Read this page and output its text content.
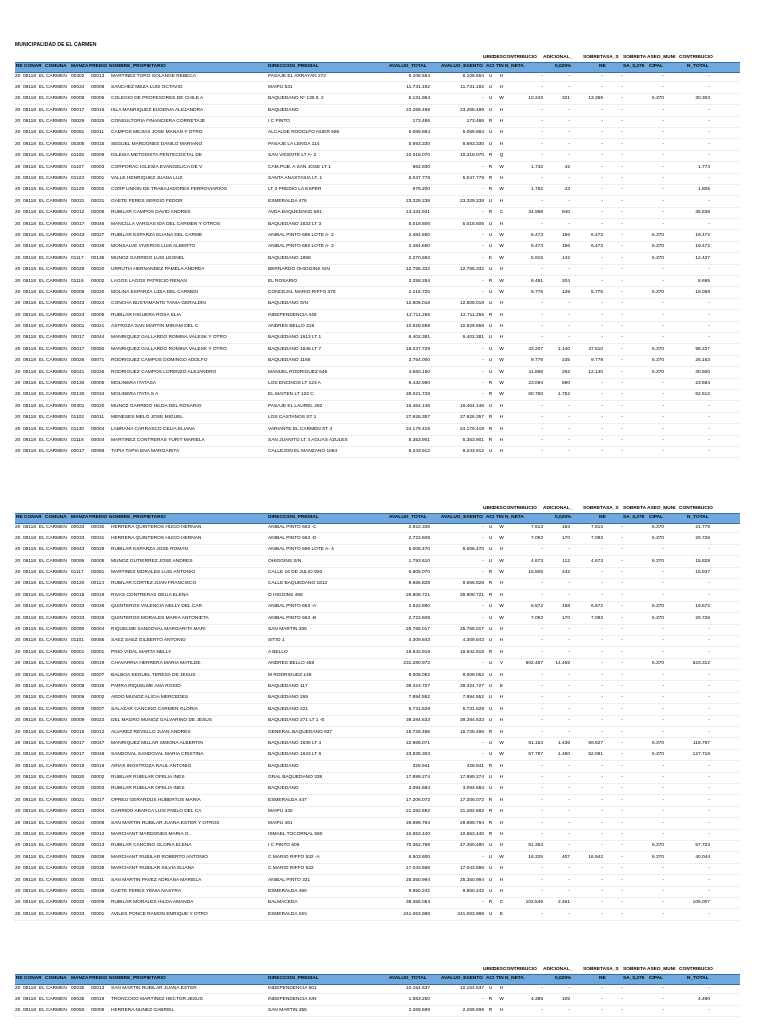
MUNICIPALIDAD DE EL CARMEN
UBIC
DES CONTRIBUCIO ADICIONAL_ SOBRETASA_S SOBRETA ASEO_MUNI CONTRIBUCIO
RE CONAR COMUNA MANZA PREDIO NOMBRE_PROPIETARIO	DIRECCION_PREDIAL	AVALUO_TOTAL	AVALUO_EXENTO ACI TIN N_NETA	0,025%	NE	SA_0,275 CIPAL	N_TOTAL
20 08118 EL CARMEN 00302	00013	MARTINEZ TORO SOLANGE REBECA	PASAJE EL ARRAYAN 272	6.108.554	6.108.554 U	H	-	-	-	-	-	-
20 08118 EL CARMEN 00034	00008	SANCHEZ MEZA LUIS OCTAVIO	MAIPU 531	11.731.192	11.731.192 U	H	-	-	-	-	-	-
20 08118 EL CARMEN 00008	00005	COLEGIO DE PROFESORES DE CHILE A	BAQUEDANO Nº 135 lt. 2	5.131.954	- U	W	10.243	321	13.369	-	6.370	30.303
20 08118 EL CARMEN 00017	00016	ISLA MANRIQUEZ EUGENIA ALEJANDRA	BAQUEDANO	23.268.489	23.268.489 U	H	-	-	-	-	-	-
20 08118 EL CARMEN 00029	00025	CONSULTORIA FINANCIERA CORRETAJE	I C PINTO	173.486	173.486 R	H	-	-	-	-	-	-
20 08118 EL CARMEN 00081	00011	CAMPOS MEJIAS JOSE MANAN Y OTRO	ALCALDE RODOLFO NUER 556	5.069.884	5.069.884 U	H	-	-	-	-	-	-
20 08118 EL CARMEN 00305	00015	SEGUEL MARDONES DANILO MARIANO	PASAJE LA LENGA 114	5.693.330	5.693.330 U	H	-	-	-	-	-	-
20 08118 EL CARMEN 01105	00009	IGLESIA METODISTA PENTECOSTAL DE	SAN VICENTE LT A- 2	10.318.070	10.318.070 R	Q	-	-	-	-	-	-
20 08118 EL CARMEN 01107	00003	CORPORAC IGLESIA EVANGELICA DE V	CAM.PUB. A SAN JOSE LT 1	664.930	- R	W	1.732	42	-	-	-	1.774
20 08118 EL CARMEN 01123	00001	VALLE HENRIQUEZ JUANA LUZ	SANTA ANASTASIA LT. 1	5.047.778	5.047.778 R	H	-	-	-	-	-	-
20 08118 EL CARMEN 01129	00002	CORP UNION DE TRABAJADORES FERROVIARIOS	LT 3 PREDIO LA ESPER	676.200	- R	W	1.762	43	-	-	-	1.805
20 08118 EL CARMEN 00031	00031	GAETE FERES SERGIO FEDOR	ESMERALDA 476	23.329.238	23.329.238 U	H	-	-	-	-	-	-
20 08118 EL CARMEN 00012	00008	RUBILAR CAMPOS DAVID ANDRES	AVDA BAQUEDANO 581	13.434.931	- R	C	34.998	840	-	-	-	35.838
20 08118 EL CARMEN 00017	00046	MANCILLA VARGAS IDA DEL CARMEN Y OTROS	BAQUEDANO 1633 LT 3	5.018.606	5.018.606 U	H	-	-	-	-	-	-
20 08118 EL CARMEN 00043	00027	RUBILAR ESPARZA ELIANA DEL CARME	ANIBAL PINTO 686 LOTE A- 2	2.484.650	- U	W	6.473	156	6.473	-	6.370	19.472
20 08118 EL CARMEN 00043	00028	MONSALVE VIVEROS LUIS ALBERTO	ANIBAL PINTO 692 LOTE A- 2	2.484.650	- U	W	6.473	156	6.473	-	6.370	19.472
20 08118 EL CARMEN 01117	00136	MUNOZ GARRIDO LUIS LEONEL	BAQUEDANO 1858	2.270.592	-	E	W	5.915	142	-	-	6.370	12.427
20 08118 EL CARMEN 00029	00020	URRUTIA HERNANDEZ PAMELA ANDREA	BERNARDO OHIGGINS S/N	12.755.332	12.755.332 U	H	-	-	-	-	-	-
20 08118 EL CARMEN 01116	00002	LAGOS LAGOS PATRICIO RENAN	EL ROSARIO	3.259.284	- R	W	8.491	204	-	-	-	8.695
20 08118 EL CARMEN 00009	00020	MOLINA ESPARZA LIDIA DEL CARMEN	CONCEJAL MARIO RIFFO 376	2.216.720	- U	W	5.775	139	5.775	-	6.370	18.059
20 08118 EL CARMEN 00043	00024	CONCHA BUSTAMANTE TANIA GERALDIN	BAQUEDANO S/N	12.506.018	12.506.018 U	H	-	-	-	-	-	-
20 08118 EL CARMEN 00024	00005	RUBILAR HIGUERA ROSA ELIA	INDEPENDENCIA 448	12.711.255	12.711.255 R	H	-	-	-	-	-	-
20 08118 EL CARMEN 00001	00021	ASTROZA SAN MARTIN MIRIAM DEL C	ANDRES BELLO 319	10.929.558	10.929.558 U	H	-	-	-	-	-	-
20 08118 EL CARMEN 00017	00044	MANRIQUEZ GALLARDO ROMINA VALESK Y OTRO	BAQUEDANO 1613 LT 1	6.402.381	6.402.381 U	H	-	-	-	-	-	-
20 08118 EL CARMEN 00017	00050	MANRIQUEZ GALLARDO ROMINA VALESK Y OTRO	BAQUEDANO 1645 LT 7	18.237.729	- U	W	43.207	1.140	47.510	-	6.370	98.227
20 08118 EL CARMEN 00026	00071	RODRIGUEZ CAMPOS DOMINGO ADOLFO	BAQUEDANO 1166	3.754.000	- U	W	9.779	235	9.779	-	6.370	26.163
20 08118 EL CARMEN 00041	00026	RODRIGUEZ CAMPOS LORENZO ALEJANDRO	MANUEL RODRIGUEZ 646	4.660.150	- U	W	11.698	292	12.140	-	6.370	30.500
20 08118 EL CARMEN 00130	00006	MOLINERA ITATASA	LOS ENCINOS LT 123 A	9.432.990	- R	W	23.094	590	-	-	-	23.684
20 08118 EL CARMEN 00130	00034	MOLINERA ITATA S A	EL MAITEN LT 123 C	28.021.728	- R	W	60.760	1.752	-	-	-	62.512
20 08118 EL CARMEN 00301	00020	MUNOZ GARRIDO HILDA DEL ROSARIO	PASAJE EL LAUREL 292	16.464.146	16.464.146 U	H	-	-	-	-	-	-
20 08118 EL CARMEN 01102	00011	MENESES MELO JOSE MIGUEL	LOS CASTANOS ST 1	27.926.357	27.926.357 R	H	-	-	-	-	-	-
20 08118 EL CARMEN 01130	00004	LABRANA CARRASCO CELIA ELIANA	VARIANTE EL CARMEN ST 4	24.179.419	24.179.419 R	H	-	-	-	-	-	-
20 08118 EL CARMEN 01118	00004	MARTINEZ CONTRERAS YURIT MARIELA	SAN JUANITO LT 4 AGUAS AZULES	5.353.901	5.353.901 R	H	-	-	-	-	-	-
20 08118 EL CARMEN 00017	00058	TAPIA TAPIA ENA MARGARITA	CALLEJON EL MANZANO 1084	8.243.912	8.243.912 U	H	-	-	-	-	-	-
UBIC
DES CONTRIBUCIO ADICIONAL_ SOBRETASA_S SOBRETA ASEO_MUNI CONTRIBUCIO
RE CONAR COMUNA MANZA PREDIO NOMBRE_PROPIETARIO	DIRECCION_PREDIAL	AVALUO_TOTAL	AVALUO_EXENTO ACI TIN N_NETA	0,025%	NE	SA_0,275 CIPAL	N_TOTAL
20 08118 EL CARMEN 00033	00030	HERRERA QUINTEROS HUGO HERNAN	ANIBAL PINTO 663 -C	2.922.336	- U	W	7.613	183	7.613	-	6.370	21.779
20 08118 EL CARMEN 00033	00031	HERRERA QUINTEROS HUGO HERNAN	ANIBAL PINTO 663 -D	2.722.608	- U	W	7.093	170	7.093	-	6.370	20.726
20 08118 EL CARMEN 00043	00029	RUBILAR ESPARZA JOSE ROMAN	ANIBAL PINTO 696 LOTE A- 4	5.008.470	5.008.470 U	H	-	-	-	-	-	-
20 08118 EL CARMEN 00095	00005	MUNOZ GUTIERREZ JOSE ANDRES	OHIGGINS S/N	1.793.610	- U	W	4.673	112	4.673	-	6.370	15.828
20 08118 EL CARMEN 01117	00081	MARTINEZ MORALES LUIS ANTONIO	CALLE 16 DE JULIO 920	6.905.070	- R	W	15.505	432	-	-	-	15.937
20 08118 EL CARMEN 00120	00114	RUBILAR CORTEZ JUAN FRANCISCO	CALLE BAQUEDANO 1812	9.666.828	9.666.828 R	H	-	-	-	-	-	-
20 08118 EL CARMEN 00018	00019	RIVAS CONTRERAS DELIA ELENA	O HIGGINS 458	28.808.721	28.808.721 R	H	-	-	-	-	-	-
20 08118 EL CARMEN 00033	00028	QUINTEROS VALENCIA NELLY DEL CAR	ANIBAL PINTO 663 -A	2.522.880	- U	W	6.572	158	6.572	-	6.370	19.672
20 08118 EL CARMEN 00033	00029	QUINTEROS MORALES MARIA ANTONIETA	ANIBAL PINTO 663 -B	2.722.608	- U	W	7.093	170	7.093	-	6.370	20.726
20 08118 EL CARMEN 00090	00004	RIQUELME SANDOVAL MARGARITA MARI	SAN MARTIN 205	25.765.017	25.765.017 U	H	-	-	-	-	-	-
20 08118 EL CARMEN 01101	00055	SAEZ SAEZ GILBERTO ANTONIO	SITIO 1	4.309.843	4.309.843 U	H	-	-	-	-	-	-
20 08118 EL CARMEN 00001	00001	PINO VIDAL MARTA NELLY	A BELLO	18.942.919	18.942.919 R	H	-	-	-	-	-	-
20 08118 EL CARMEN 00001	00019	CHAVARRIA HERRERA MARIA MATILDE	ANDRES BELLO 458	231.280.972	- U	V	602.487	14.455	-	-	6.370	623.312
20 08118 EL CARMEN 00002	00007	BALBOA SEGUEL TERESA DE JESUS	M RODRIGUEZ 149	9.008.052	9.008.052 U	H	-	-	-	-	-	-
20 08118 EL CARMEN 00008	00026	PARRA RIQUELME ANA ROSIO	BAQUEDANO 117	39.324.727	39.324.727 U	E	-	-	-	-	-	-
20 08118 EL CARMEN 00009	00002	AEDO MUNOZ ALICIA MERCEDES	BAQUEDANO 265	7.894.552	7.894.552 U	H	-	-	-	-	-	-
20 08118 EL CARMEN 00009	00007	SALAZAR CANCINO CARMEN GLORIA	BAQUEDANO 221	5.731.629	5.731.629 U	H	-	-	-	-	-	-
20 08118 EL CARMEN 00009	00022	DEL MAGRO MUNOZ GALVARINO DE JESUS	BAQUEDANO 271 LT 1 -E	39.284.633	39.284.633 U	H	-	-	-	-	-	-
20 08118 EL CARMEN 00016	00012	ALVAREZ REVELLO JUAN ANDRES	GENERAL BAQUEDANO 937	15.728.496	15.728.496 R	H	-	-	-	-	-	-
20 08118 EL CARMEN 00017	00047	MANRIQUEZ MILLAR SIMONA ALBERTIN	BAQUEDANO 1639 LT 4	22.966.071	- U	W	51.154	1.436	59.827	-	6.370	118.787
20 08118 EL CARMEN 00017	00049	SANDOVAL SANDOVAL MARIA CRISTINA	BAQUEDANO 1643 LT 6	23.835.303	- U	W	57.767	1.490	62.091	-	6.370	127.718
20 08118 EL CARMEN 00019	00019	ARIAS INOSTROZA RAUL ANTONIO	BAQUEDANO	328.941	328.941 R	H	-	-	-	-	-	-
20 08118 EL CARMEN 00020	00002	RUBILAR RUBILAR OFELIA INES	GRAL BAQUEDANO 338	17.899.274	17.899.274 U	H	-	-	-	-	-	-
20 08118 EL CARMEN 00020	00003	RUBILAR RUBILAR OFELIA INES	BAQUEDANO	3.094.684	3.094.684 U	H	-	-	-	-	-	-
20 08118 EL CARMEN 00021	00017	OPREU GERARDUS HUBERTUS MARIA	ESMERALDA 447	17.206.072	17.206.072 R	H	-	-	-	-	-	-
20 08118 EL CARMEN 00023	00004	GARRIDO ABARCA LUIS PABLO DEL CA	MAIPU 440	21.282.592	21.282.592 R	H	-	-	-	-	-	-
20 08118 EL CARMEN 00024	00008	SAN MARTIN RUBILAR JUANA ESTER Y OTROS	MAIPU 461	29.899.794	29.899.794 R	H	-	-	-	-	-	-
20 08118 EL CARMEN 00029	00012	MARCHANT MARDONES MARIA O.	ISMAEL TOCORNAL 580	10.653.440	10.653.440 R	H	-	-	-	-	-	-
20 08118 EL CARMEN 00029	00013	RUBILAR CANCINO GLORIA ELENA	I C PINTO 606	70.362.798	47.360.490 U	H	51.353	-	-	-	6.370	57.723
20 08118 EL CARMEN 00029	00038	MARCHANT RUBILAR ROBERTO ANTONIO	C MARIO RIFFO 532 -A	6.503.600	- U	W	16.325	407	16.942	-	6.370	40.044
20 08118 EL CARMEN 00029	00039	MARCHANT RUBILAR SILVIA ELIANA	C MARIO RIFFO 532	17.043.596	17.043.596 U	H	-	-	-	-	-	-
20 08118 EL CARMEN 00030	00011	SAN MARTIN PAVEZ ADRIANA MARIELA	ANIBAL PINTO 331	25.350.994	25.350.994 U	H	-	-	-	-	-	-
20 08118 EL CARMEN 00031	00039	GAETE FERES YENIA NASYRA	ESMERALDA 490	9.850.242	9.850.242 U	H	-	-	-	-	-	-
20 08118 EL CARMEN 00032	00009	RUBILAR MORALES HILDA AMANDA	BALMACEDA	39.365.054	- R	C	102.546	2.461	-	-	-	105.007
20 08118 EL CARMEN 00033	00001	AVILES PONCE RAMON ENRIQUE Y OTRO	ESMERALDA S/N	241.063.988	241.063.988 U	E	-	-	-	-	-	-
UBIC
DES CONTRIBUCIO ADICIONAL_ SOBRETASA_S SOBRETA ASEO_MUNI CONTRIBUCIO
RE CONAR COMUNA MANZA PREDIO NOMBRE_PROPIETARIO	DIRECCION_PREDIAL	AVALUO_TOTAL	AVALUO_EXENTO ACI TIN N_NETA	0,025%	NE	SA_0,275 CIPAL	N_TOTAL
20 08118 EL CARMEN 00035	00013	SAN MARTIN RUBILAR JUANA ESTER	INDEPENDENCIA 501	10.154.637	10.154.637 U	H	-	-	-	-	-	-
20 08118 EL CARMEN 00035	00019	TRONCOSO MARTINEZ HECTOR JESUS	INDEPENDENCIA S/N	1.683.250	- R	W	4.385	105	-	-	-	4.490
20 08118 EL CARMEN 00050	00009	HERRERA NUNEZ GABRIEL	SAN MARTIN 355	2.269.599	2.269.599 R	H	-	-	-	-	-	-
